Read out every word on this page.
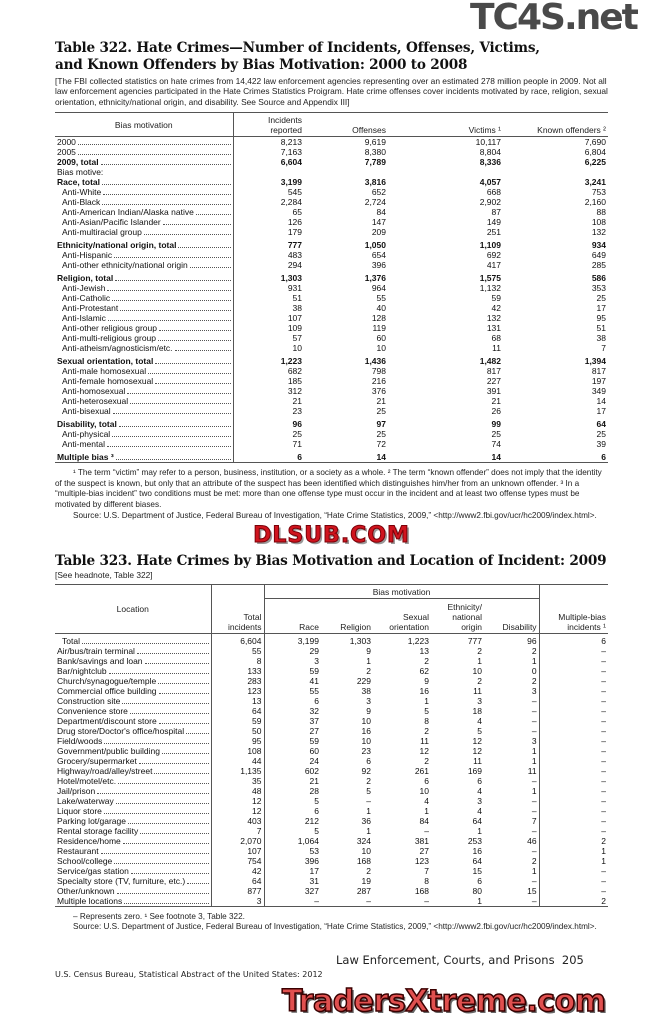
TC4S.net
Table 322. Hate Crimes—Number of Incidents, Offenses, Victims,
and Known Offenders by Bias Motivation: 2000 to 2008
[The FBI collected statistics on hate crimes from 14,422 law enforcement agencies representing over an estimated 278 million people in 2009. Not all law enforcement agencies participated in the Hate Crimes Statistics Proigram. Hate crime offenses cover incidents motivated by race, religion, sexual orientation, ethnicity/national origin, and disability. See Source and Appendix III]
Bias motivation	Incidents reported	Offenses	Victims ¹	Known offenders ²

2000	8,213	9,619	10,117	7,690

2005	7,163	8,380	8,804	6,804

2009, total	6,604	7,789	8,336	6,225

Bias motive:				

Race, total	3,199	3,816	4,057	3,241

Anti-White	545	652	668	753

Anti-Black	2,284	2,724	2,902	2,160

Anti-American Indian/Alaska native	65	84	87	88

Anti-Asian/Pacific Islander	126	147	149	108

Anti-multiracial group	179	209	251	132

Ethnicity/national origin, total	777	1,050	1,109	934

Anti-Hispanic	483	654	692	649

Anti-other ethnicity/national origin	294	396	417	285

Religion, total	1,303	1,376	1,575	586

Anti-Jewish	931	964	1,132	353

Anti-Catholic	51	55	59	25

Anti-Protestant	38	40	42	17

Anti-Islamic	107	128	132	95

Anti-other religious group	109	119	131	51

Anti-multi-religious group	57	60	68	38

Anti-atheism/agnosticism/etc.	10	10	11	7

Sexual orientation, total	1,223	1,436	1,482	1,394

Anti-male homosexual	682	798	817	817

Anti-female homosexual	185	216	227	197

Anti-homosexual	312	376	391	349

Anti-heterosexual	21	21	21	14

Anti-bisexual	23	25	26	17

Disability, total	96	97	99	64

Anti-physical	25	25	25	25

Anti-mental	71	72	74	39

Multiple bias ³	6	14	14	6
¹ The term “victim” may refer to a person, business, institution, or a society as a whole. ² The term “known offender” does not imply that the identity of the suspect is known, but only that an attribute of the suspect has been identified which distinguishes him/her from an unknown offender. ³ In a “multiple-bias incident” two conditions must be met: more than one offense type must occur in the incident and at least two offense types must be motivated by different biases.
Source: U.S. Department of Justice, Federal Bureau of Investigation, “Hate Crime Statistics, 2009,” <http://www2.fbi.gov/ucr/hc2009/index.html>.
DLSUB.COM
Table 323. Hate Crimes by Bias Motivation and Location of Incident: 2009
[See headnote, Table 322]
Location	Total incidents	Bias motivation					Multiple-bias incidents ¹
		Race	Religion	Sexual orientation	Ethnicity/ national origin	Disability	

Total	6,604	3,199	1,303	1,223	777	96	6

Air/bus/train terminal	55	29	9	13	2	2	–

Bank/savings and loan	8	3	1	2	1	1	–

Bar/nightclub	133	59	2	62	10	0	–

Church/synagogue/temple	283	41	229	9	2	2	–

Commercial office building	123	55	38	16	11	3	–

Construction site	13	6	3	1	3	–	–

Convenience store	64	32	9	5	18	–	–

Department/discount store	59	37	10	8	4	–	–

Drug store/Doctor's office/hospital	50	27	16	2	5	–	–

Field/woods	95	59	10	11	12	3	–

Government/public building	108	60	23	12	12	1	–

Grocery/supermarket	44	24	6	2	11	1	–

Highway/road/alley/street	1,135	602	92	261	169	11	–

Hotel/motel/etc.	35	21	2	6	6	–	–

Jail/prison	48	28	5	10	4	1	–

Lake/waterway	12	5	–	4	3	–	–

Liquor store	12	6	1	1	4	–	–

Parking lot/garage	403	212	36	84	64	7	–

Rental storage facility	7	5	1	–	1	–	–

Residence/home	2,070	1,064	324	381	253	46	2

Restaurant	107	53	10	27	16	–	1

School/college	754	396	168	123	64	2	1

Service/gas station	42	17	2	7	15	1	–

Specialty store (TV, furniture, etc.)	64	31	19	8	6	–	–

Other/unknown	877	327	287	168	80	15	–

Multiple locations	3	–	–	–	1	–	2
– Represents zero. ¹ See footnote 3, Table 322.
Source: U.S. Department of Justice, Federal Bureau of Investigation, “Hate Crime Statistics, 2009,” <http://www2.fbi.gov/ucr/hc2009/index.html>.
Law Enforcement, Courts, and Prisons 205
U.S. Census Bureau, Statistical Abstract of the United States: 2012
TradersXtreme.com
